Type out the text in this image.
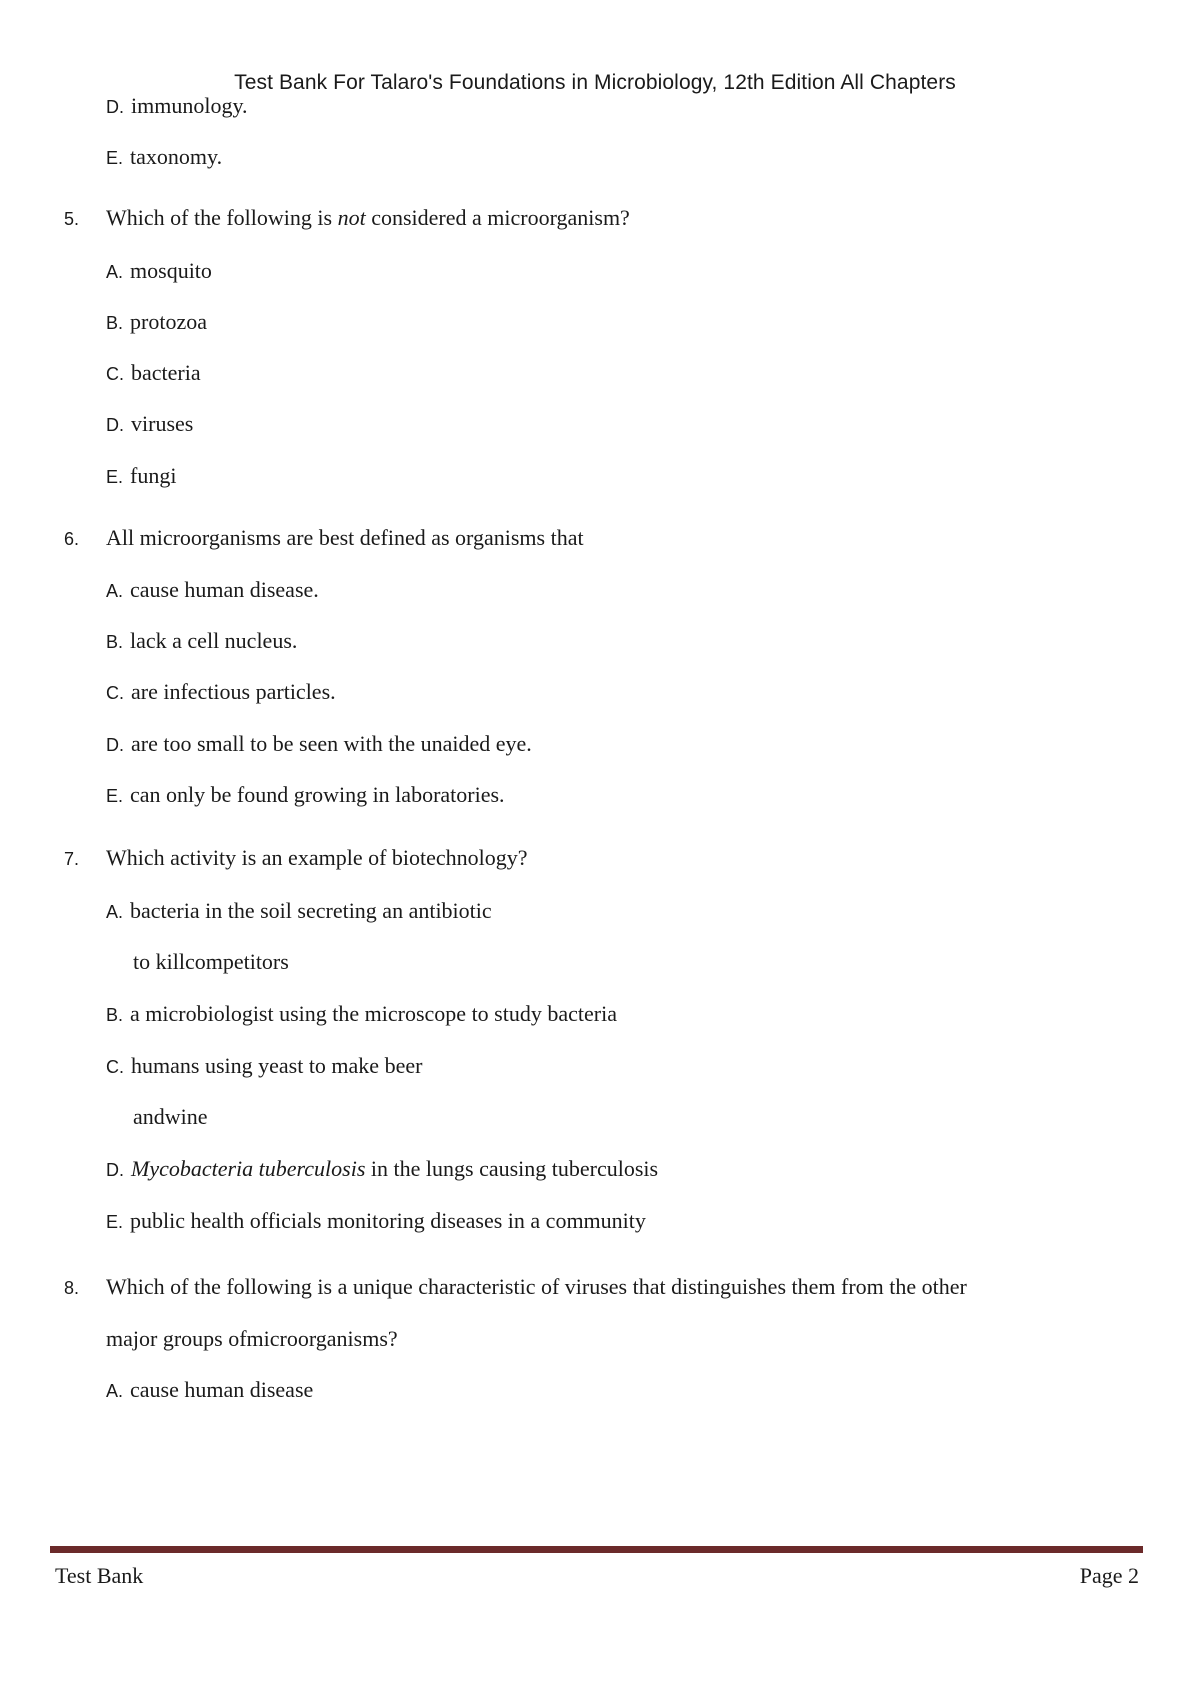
Test Bank For Talaro's Foundations in Microbiology, 12th Edition All Chapters
D. immunology.
E. taxonomy.
5. Which of the following is not considered a microorganism?
A. mosquito
B. protozoa
C. bacteria
D. viruses
E. fungi
6. All microorganisms are best defined as organisms that
A. cause human disease.
B. lack a cell nucleus.
C. are infectious particles.
D. are too small to be seen with the unaided eye.
E. can only be found growing in laboratories.
7. Which activity is an example of biotechnology?
A. bacteria in the soil secreting an antibiotic
to killcompetitors
B. a microbiologist using the microscope to study bacteria
C. humans using yeast to make beer
andwine
D. Mycobacteria tuberculosis in the lungs causing tuberculosis
E. public health officials monitoring diseases in a community
8. Which of the following is a unique characteristic of viruses that distinguishes them from the other
major groups ofmicroorganisms?
A. cause human disease
Test Bank	Page 2
